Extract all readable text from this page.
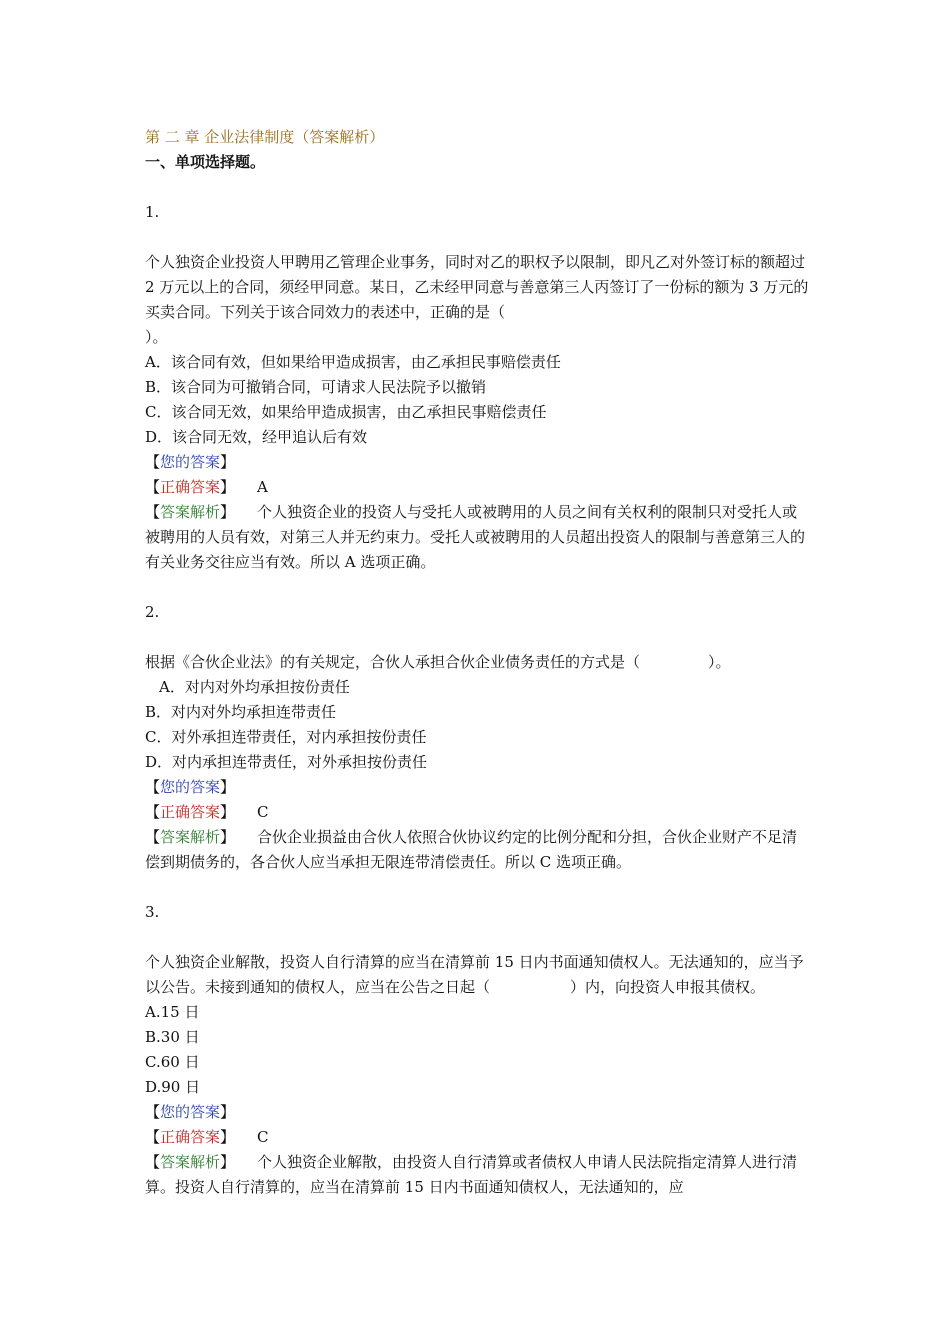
第 二 章 企业法律制度（答案解析）
一、单项选择题。
1.
个人独资企业投资人甲聘用乙管理企业事务，同时对乙的职权予以限制，即凡乙对外签订标的额超过 2 万元以上的合同，须经甲同意。某日，乙未经甲同意与善意第三人丙签订了一份标的额为 3 万元的买卖合同。下列关于该合同效力的表述中，正确的是（
）。
A．该合同有效，但如果给甲造成损害，由乙承担民事赔偿责任
B．该合同为可撤销合同，可请求人民法院予以撤销
C．该合同无效，如果给甲造成损害，由乙承担民事赔偿责任
D．该合同无效，经甲追认后有效
【您的答案】
【正确答案】 A
【答案解析】 个人独资企业的投资人与受托人或被聘用的人员之间有关权利的限制只对受托人或被聘用的人员有效，对第三人并无约束力。受托人或被聘用的人员超出投资人的限制与善意第三人的有关业务交往应当有效。所以 A 选项正确。
2.
根据《合伙企业法》的有关规定，合伙人承担合伙企业债务责任的方式是（	）。
A．对内对外均承担按份责任
B．对内对外均承担连带责任
C．对外承担连带责任，对内承担按份责任
D．对内承担连带责任，对外承担按份责任
【您的答案】
【正确答案】 C
【答案解析】 合伙企业损益由合伙人依照合伙协议约定的比例分配和分担，合伙企业财产不足清偿到期债务的，各合伙人应当承担无限连带清偿责任。所以 C 选项正确。
3.
个人独资企业解散，投资人自行清算的应当在清算前 15 日内书面通知债权人。无法通知的，应当予以公告。未接到通知的债权人，应当在公告之日起（	）内，向投资人申报其债权。
A.15 日
B.30 日
C.60 日
D.90 日
【您的答案】
【正确答案】 C
【答案解析】 个人独资企业解散，由投资人自行清算或者债权人申请人民法院指定清算人进行清算。投资人自行清算的，应当在清算前 15 日内书面通知债权人，无法通知的，应
